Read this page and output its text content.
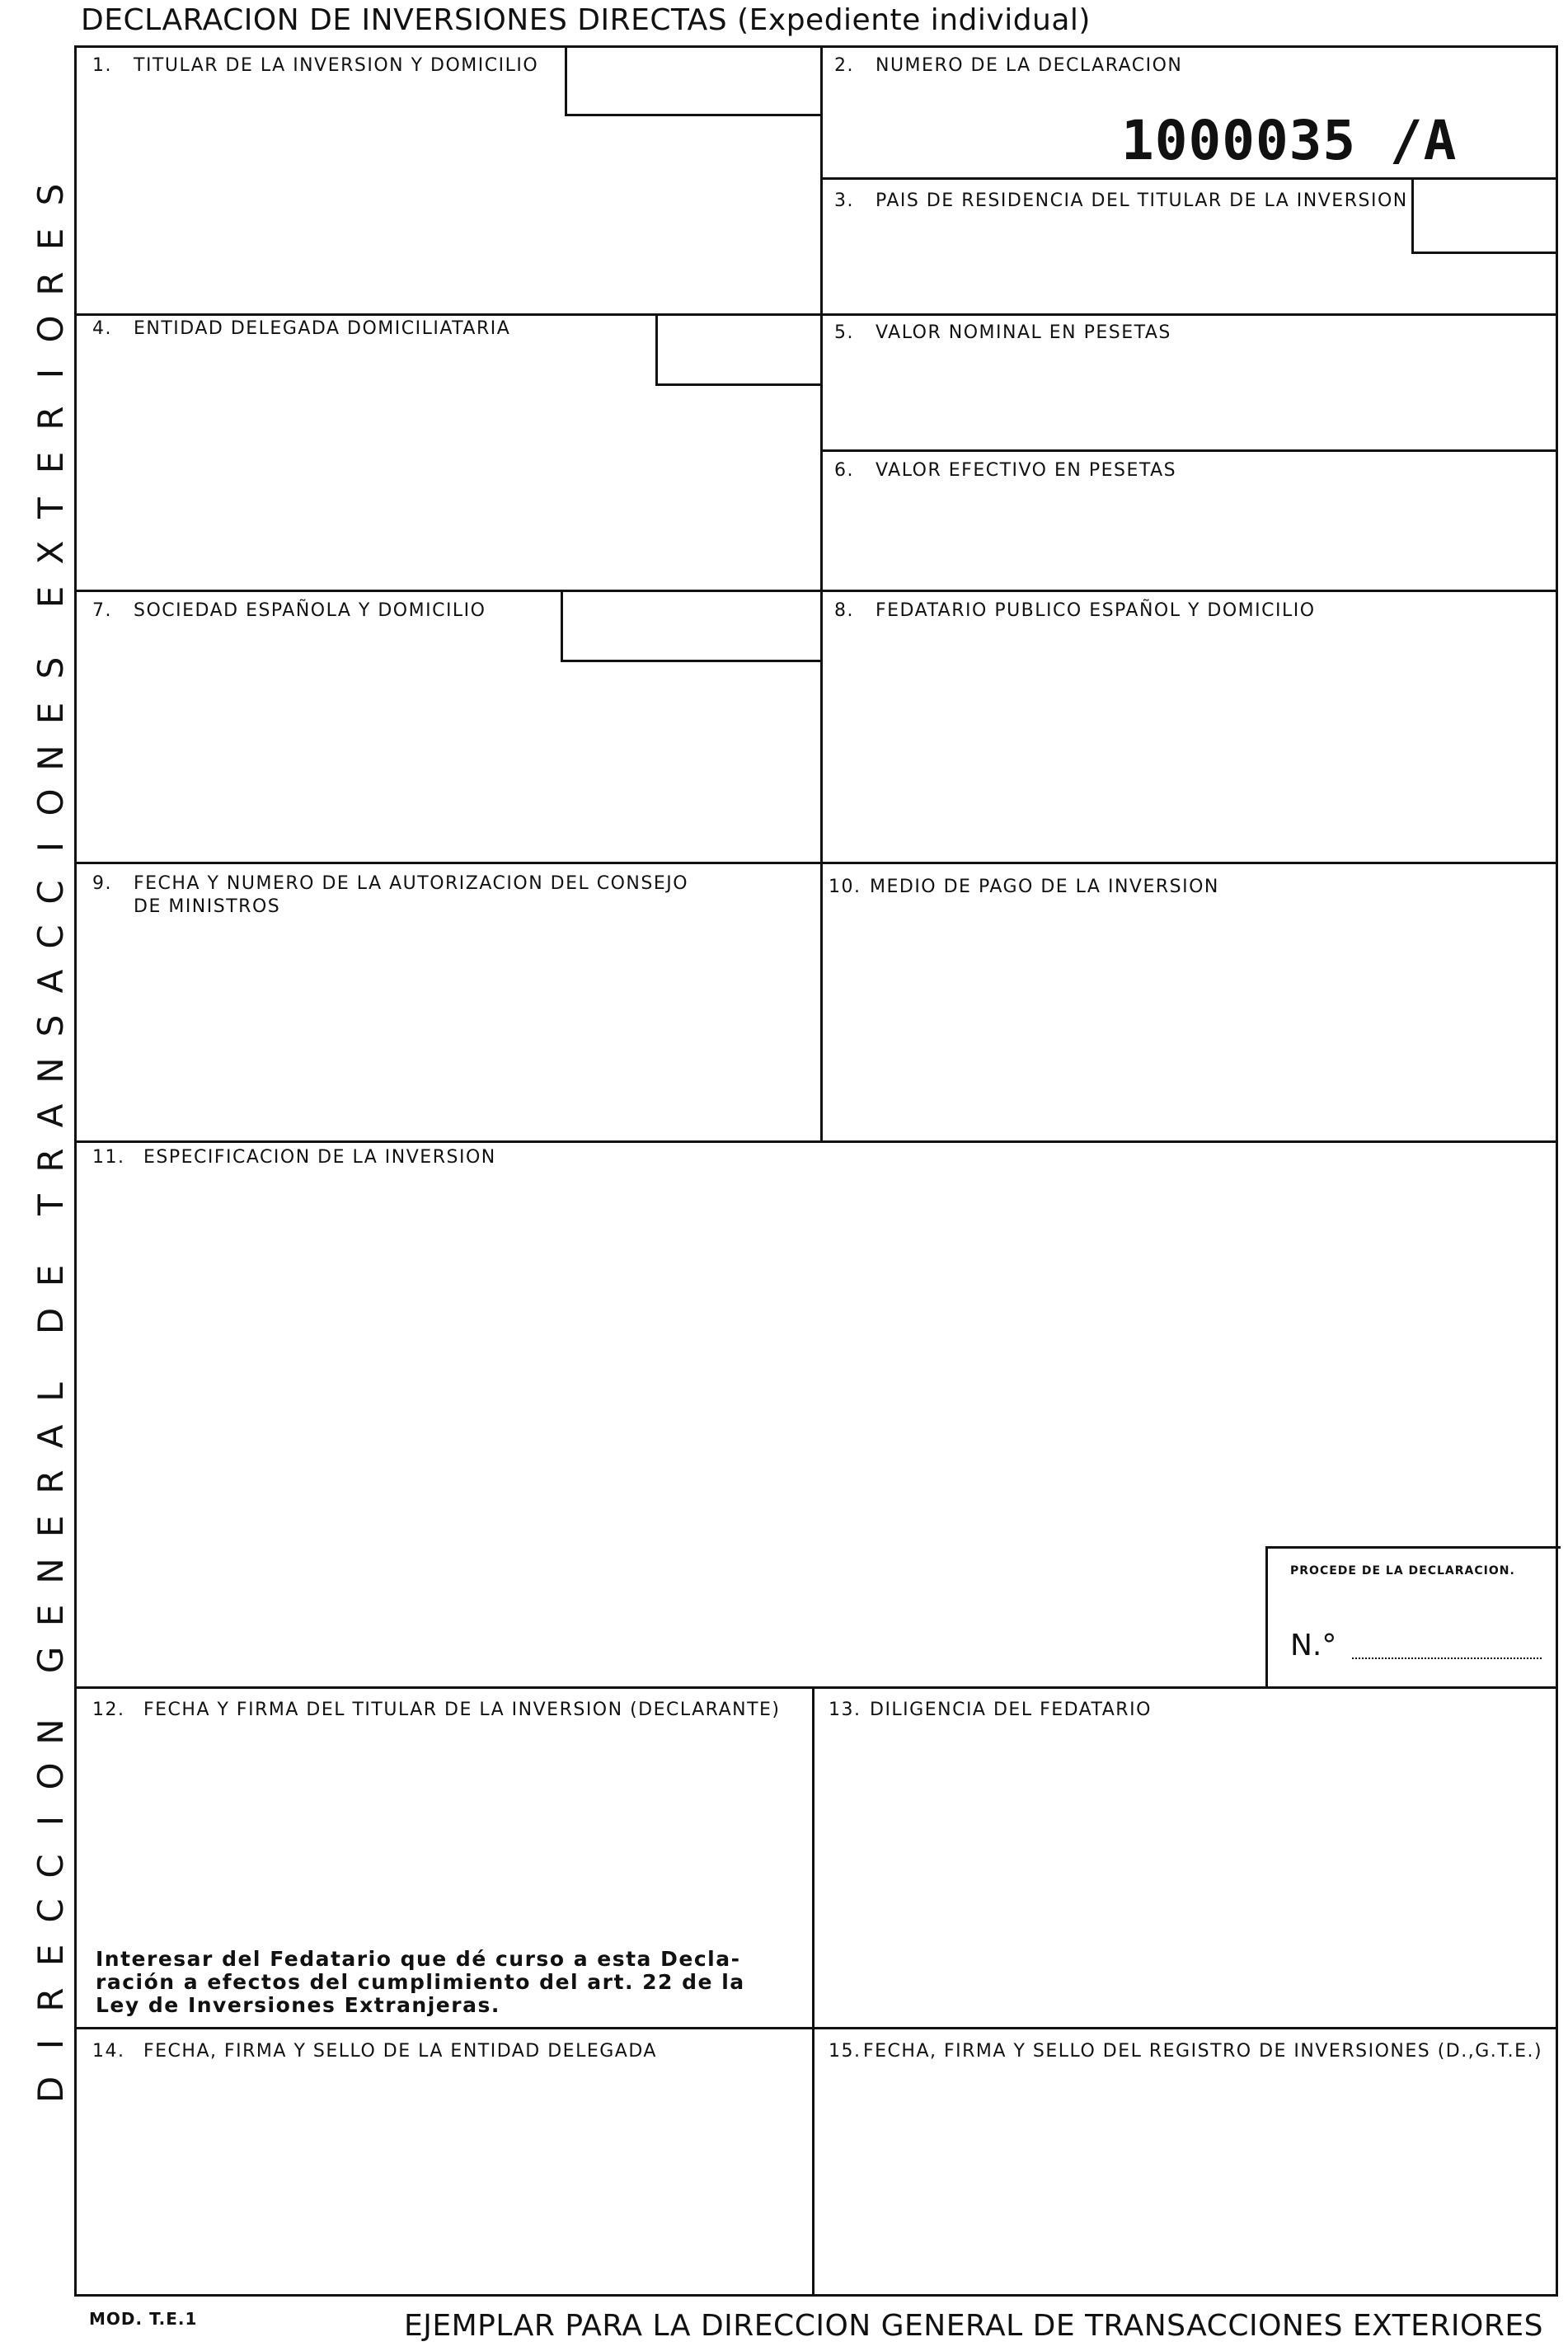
DECLARACION DE INVERSIONES DIRECTAS (Expediente individual)
S
E
R
O
I
R
E
T
X
E

S
E
N
O
I
C
C
A
S
N
A
R
T

E
D

L
A
R
E
N
E
G

N
O
I
C
C
E
R
I
D
1. TITULAR DE LA INVERSION Y DOMICILIO	2. NUMERO DE LA DECLARACION
1000035 /A
3. PAIS DE RESIDENCIA DEL TITULAR DE LA INVERSION
4. ENTIDAD DELEGADA DOMICILIATARIA	5. VALOR NOMINAL EN PESETAS
6. VALOR EFECTIVO EN PESETAS
7. SOCIEDAD ESPAÑOLA Y DOMICILIO	8. FEDATARIO PUBLICO ESPAÑOL Y DOMICILIO
9. FECHA Y NUMERO DE LA AUTORIZACION DEL CONSEJO
DE MINISTROS
10. MEDIO DE PAGO DE LA INVERSION
11. ESPECIFICACION DE LA INVERSION
PROCEDE DE LA DECLARACION.
N.°
12. FECHA Y FIRMA DEL TITULAR DE LA INVERSION (DECLARANTE)
Interesar del Fedatario que dé curso a esta Decla-
ración a efectos del cumplimiento del art. 22 de la
Ley de Inversiones Extranjeras.
13. DILIGENCIA DEL FEDATARIO
14. FECHA, FIRMA Y SELLO DE LA ENTIDAD DELEGADA	15. FECHA, FIRMA Y SELLO DEL REGISTRO DE INVERSIONES (D.,G.T.E.)
MOD. T.E.1	EJEMPLAR PARA LA DIRECCION GENERAL DE TRANSACCIONES EXTERIORES
